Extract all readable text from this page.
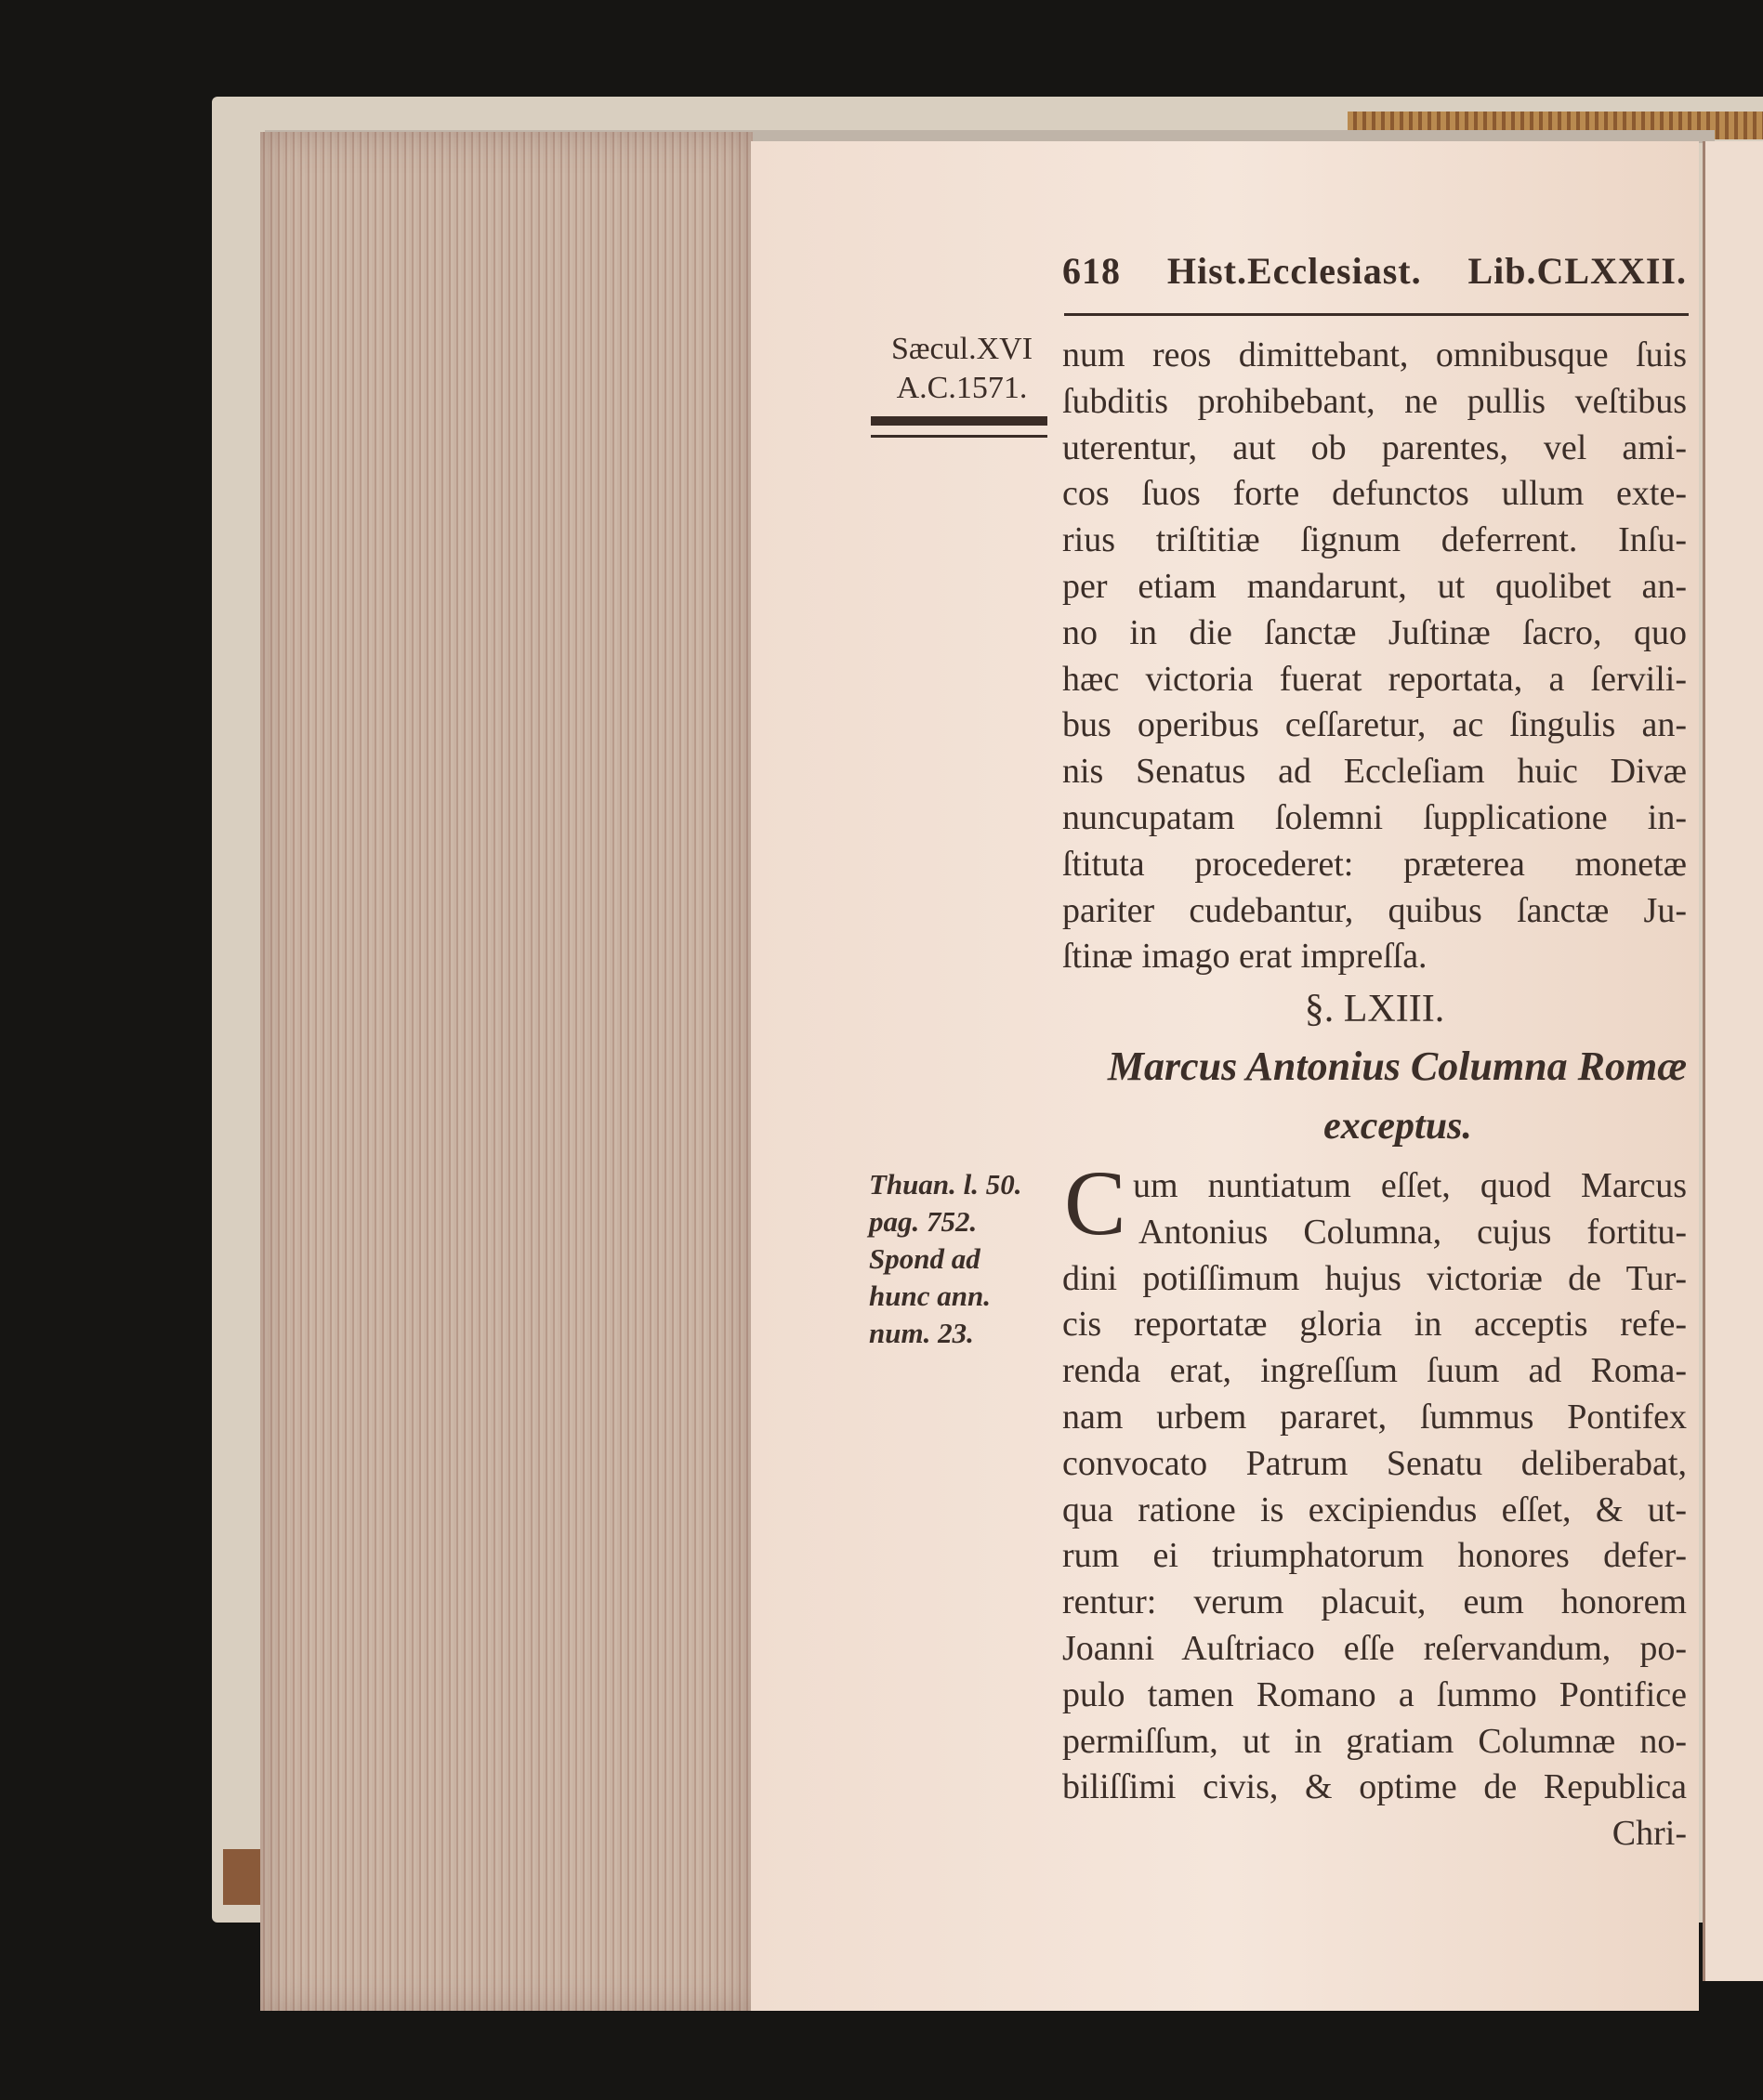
618 Hist.Ecclesiast. Lib.CLXXII.
Sæcul.XVI
A.C.1571.
num reos dimittebant, omnibusque ſuis
ſubditis prohibebant, ne pullis veſtibus
uterentur, aut ob parentes, vel ami-
cos ſuos forte defunctos ullum exte-
rius triſtitiæ ſignum deferrent. Inſu-
per etiam mandarunt, ut quolibet an-
no in die ſanctæ Juſtinæ ſacro, quo
hæc victoria fuerat reportata, a ſervili-
bus operibus ceſſaretur, ac ſingulis an-
nis Senatus ad Eccleſiam huic Divæ
nuncupatam ſolemni ſupplicatione in-
ſtituta procederet: præterea monetæ
pariter cudebantur, quibus ſanctæ Ju-
ſtinæ imago erat impreſſa.
§. LXIII.
Marcus Antonius Columna Romæ
exceptus.
Thuan. l. 50.
pag. 752.
Spond ad
hunc ann.
num. 23.
C um nuntiatum eſſet, quod Marcus
Antonius Columna, cujus fortitu-
dini potiſſimum hujus victoriæ de Tur-
cis reportatæ gloria in acceptis refe-
renda erat, ingreſſum ſuum ad Roma-
nam urbem pararet, ſummus Pontifex
convocato Patrum Senatu deliberabat,
qua ratione is excipiendus eſſet, & ut-
rum ei triumphatorum honores defer-
rentur: verum placuit, eum honorem
Joanni Auſtriaco eſſe reſervandum, po-
pulo tamen Romano a ſummo Pontifice
permiſſum, ut in gratiam Columnæ no-
biliſſimi civis, & optime de Republica
Chri-
